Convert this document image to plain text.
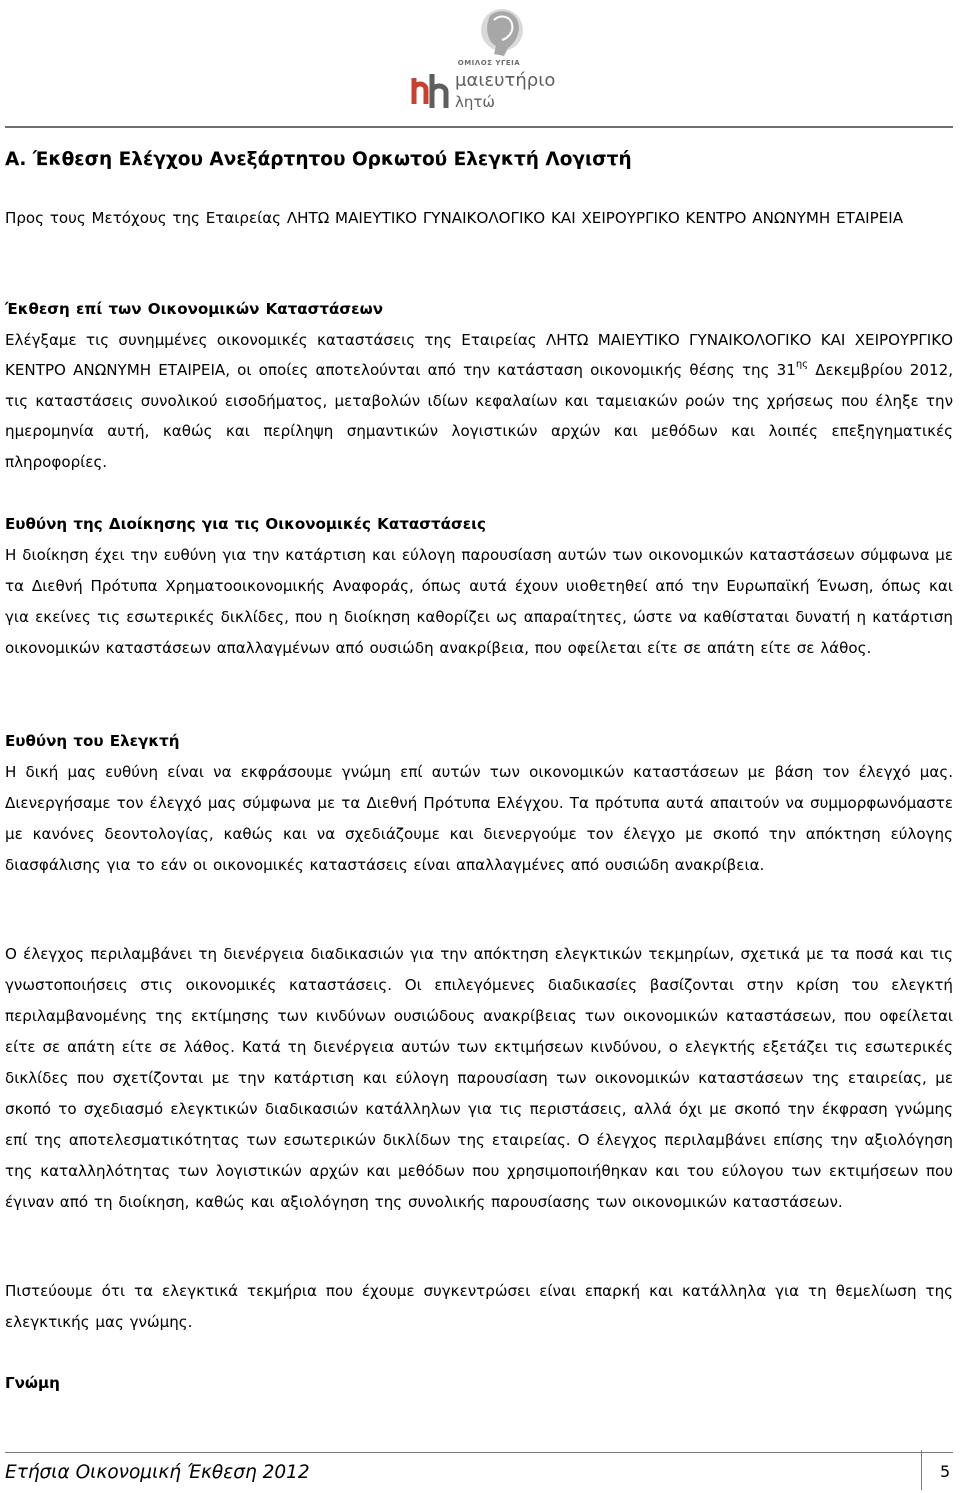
ΟΜΙΛΟΣ ΥΓΕΙΑ
μαιευτήριο
λητώ
Α. Έκθεση Ελέγχου Ανεξάρτητου Ορκωτού Ελεγκτή Λογιστή

Προς τους Μετόχους της Εταιρείας ΛΗΤΩ ΜΑΙΕΥΤΙΚΟ ΓΥΝΑΙΚΟΛΟΓΙΚΟ ΚΑΙ ΧΕΙΡΟΥΡΓΙΚΟ ΚΕΝΤΡΟ ΑΝΩΝΥΜΗ ΕΤΑΙΡΕΙΑ

Έκθεση επί των Οικονομικών Καταστάσεων
Ελέγξαμε τις συνημμένες οικονομικές καταστάσεις της Εταιρείας ΛΗΤΩ ΜΑΙΕΥΤΙΚΟ ΓΥΝΑΙΚΟΛΟΓΙΚΟ ΚΑΙ ΧΕΙΡΟΥΡΓΙΚΟ ΚΕΝΤΡΟ ΑΝΩΝΥΜΗ ΕΤΑΙΡΕΙΑ, οι οποίες αποτελούνται από την κατάσταση οικονομικής θέσης της $31^{\eta\varsigma}$ Δεκεμβρίου 2012, τις καταστάσεις συνολικού εισοδήματος, μεταβολών ιδίων κεφαλαίων και ταμειακών ροών της χρήσεως που έληξε την ημερομηνία αυτή, καθώς και περίληψη σημαντικών λογιστικών αρχών και μεθόδων και λοιπές επεξηγηματικές πληροφορίες.
Ευθύνη της Διοίκησης για τις Οικονομικές Καταστάσεις
Η διοίκηση έχει την ευθύνη για την κατάρτιση και εύλογη παρουσίαση αυτών των οικονομικών καταστάσεων σύμφωνα με τα Διεθνή Πρότυπα Χρηματοοικονομικής Αναφοράς, όπως αυτά έχουν υιοθετηθεί από την Ευρωπαϊκή Ένωση, όπως και για εκείνες τις εσωτερικές δικλίδες, που η διοίκηση καθορίζει ως απαραίτητες, ώστε να καθίσταται δυνατή η κατάρτιση οικονομικών καταστάσεων απαλλαγμένων από ουσιώδη ανακρίβεια, που οφείλεται είτε σε απάτη είτε σε λάθος.
Ευθύνη του Ελεγκτή
Η δική μας ευθύνη είναι να εκφράσουμε γνώμη επί αυτών των οικονομικών καταστάσεων με βάση τον έλεγχό μας. Διενεργήσαμε τον έλεγχό μας σύμφωνα με τα Διεθνή Πρότυπα Ελέγχου. Τα πρότυπα αυτά απαιτούν να συμμορφωνόμαστε με κανόνες δεοντολογίας, καθώς και να σχεδιάζουμε και διενεργούμε τον έλεγχο με σκοπό την απόκτηση εύλογης διασφάλισης για το εάν οι οικονομικές καταστάσεις είναι απαλλαγμένες από ουσιώδη ανακρίβεια.

Ο έλεγχος περιλαμβάνει τη διενέργεια διαδικασιών για την απόκτηση ελεγκτικών τεκμηρίων, σχετικά με τα ποσά και τις γνωστοποιήσεις στις οικονομικές καταστάσεις. Οι επιλεγόμενες διαδικασίες βασίζονται στην κρίση του ελεγκτή περιλαμβανομένης της εκτίμησης των κινδύνων ουσιώδους ανακρίβειας των οικονομικών καταστάσεων, που οφείλεται είτε σε απάτη είτε σε λάθος. Κατά τη διενέργεια αυτών των εκτιμήσεων κινδύνου, ο ελεγκτής εξετάζει τις εσωτερικές δικλίδες που σχετίζονται με την κατάρτιση και εύλογη παρουσίαση των οικονομικών καταστάσεων της εταιρείας, με σκοπό το σχεδιασμό ελεγκτικών διαδικασιών κατάλληλων για τις περιστάσεις, αλλά όχι με σκοπό την έκφραση γνώμης επί της αποτελεσματικότητας των εσωτερικών δικλίδων της εταιρείας. Ο έλεγχος περιλαμβάνει επίσης την αξιολόγηση της καταλληλότητας των λογιστικών αρχών και μεθόδων που χρησιμοποιήθηκαν και του εύλογου των εκτιμήσεων που έγιναν από τη διοίκηση, καθώς και αξιολόγηση της συνολικής παρουσίασης των οικονομικών καταστάσεων.

Πιστεύουμε ότι τα ελεγκτικά τεκμήρια που έχουμε συγκεντρώσει είναι επαρκή και κατάλληλα για τη θεμελίωση της ελεγκτικής μας γνώμης.

Γνώμη
Ετήσια Οικονομική Έκθεση 2012	5
